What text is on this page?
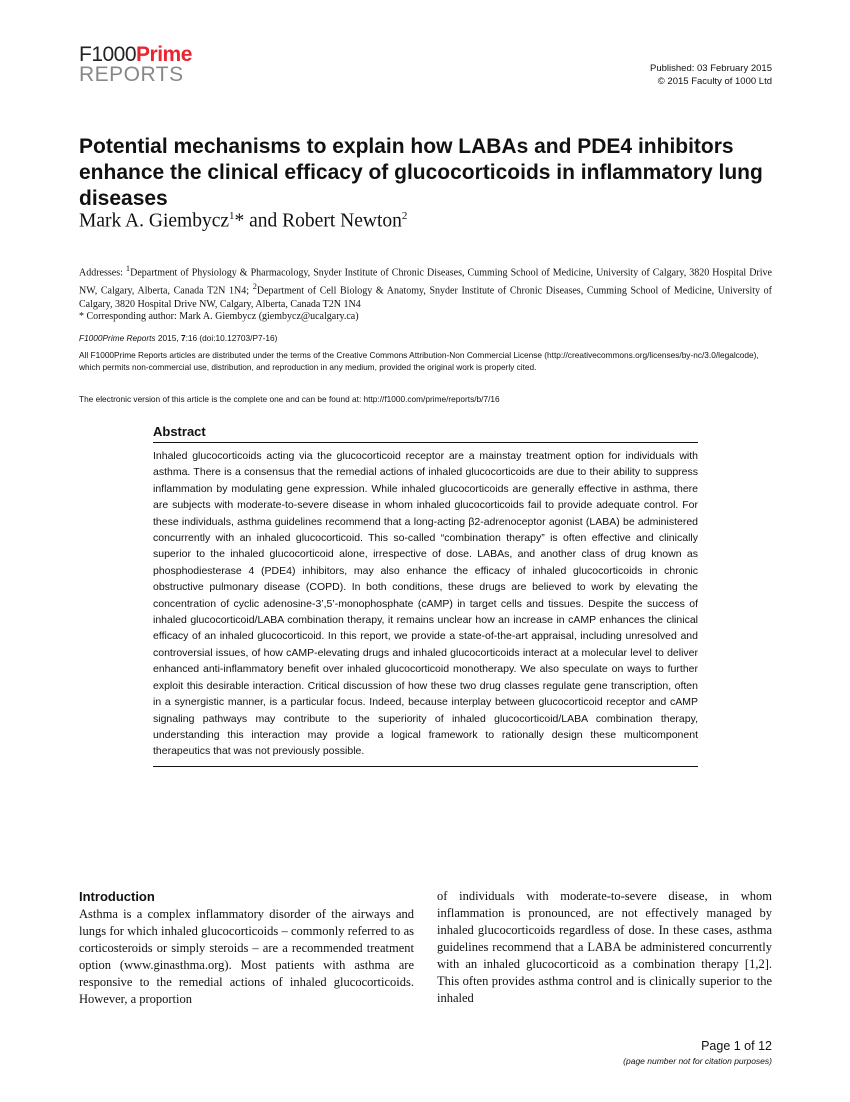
F1000Prime
REPORTS	Published: 03 February 2015
© 2015 Faculty of 1000 Ltd
Potential mechanisms to explain how LABAs and PDE4 inhibitors enhance the clinical efficacy of glucocorticoids in inflammatory lung diseases
Mark A. Giembycz$^1$* and Robert Newton$^2$
Addresses: $^1$Department of Physiology & Pharmacology, Snyder Institute of Chronic Diseases, Cumming School of Medicine, University of Calgary, 3820 Hospital Drive NW, Calgary, Alberta, Canada T2N 1N4; $^2$Department of Cell Biology & Anatomy, Snyder Institute of Chronic Diseases, Cumming School of Medicine, University of Calgary, 3820 Hospital Drive NW, Calgary, Alberta, Canada T2N 1N4
* Corresponding author: Mark A. Giembycz (giembycz@ucalgary.ca)
F1000Prime Reports 2015, 7:16 (doi:10.12703/P7-16)
All F1000Prime Reports articles are distributed under the terms of the Creative Commons Attribution-Non Commercial License (http://creativecommons.org/licenses/by-nc/3.0/legalcode), which permits non-commercial use, distribution, and reproduction in any medium, provided the original work is properly cited.
The electronic version of this article is the complete one and can be found at: http://f1000.com/prime/reports/b/7/16
Abstract

Inhaled glucocorticoids acting via the glucocorticoid receptor are a mainstay treatment option for individuals with asthma. There is a consensus that the remedial actions of inhaled glucocorticoids are due to their ability to suppress inflammation by modulating gene expression. While inhaled glucocorticoids are generally effective in asthma, there are subjects with moderate-to-severe disease in whom inhaled glucocorticoids fail to provide adequate control. For these individuals, asthma guidelines recommend that a long-acting β2-adrenoceptor agonist (LABA) be administered concurrently with an inhaled glucocorticoid. This so-called “combination therapy” is often effective and clinically superior to the inhaled glucocorticoid alone, irrespective of dose. LABAs, and another class of drug known as phosphodiesterase 4 (PDE4) inhibitors, may also enhance the efficacy of inhaled glucocorticoids in chronic obstructive pulmonary disease (COPD). In both conditions, these drugs are believed to work by elevating the concentration of cyclic adenosine-3’,5’-monophosphate (cAMP) in target cells and tissues. Despite the success of inhaled glucocorticoid/LABA combination therapy, it remains unclear how an increase in cAMP enhances the clinical efficacy of an inhaled glucocorticoid. In this report, we provide a state-of-the-art appraisal, including unresolved and controversial issues, of how cAMP-elevating drugs and inhaled glucocorticoids interact at a molecular level to deliver enhanced anti-inflammatory benefit over inhaled glucocorticoid monotherapy. We also speculate on ways to further exploit this desirable interaction. Critical discussion of how these two drug classes regulate gene transcription, often in a synergistic manner, is a particular focus. Indeed, because interplay between glucocorticoid receptor and cAMP signaling pathways may contribute to the superiority of inhaled glucocorticoid/LABA combination therapy, understanding this interaction may provide a logical framework to rationally design these multicomponent therapeutics that was not previously possible.

Introduction

Asthma is a complex inflammatory disorder of the airways and lungs for which inhaled glucocorticoids – commonly referred to as corticosteroids or simply steroids – are a recommended treatment option (www.ginasthma.org). Most patients with asthma are responsive to the remedial actions of inhaled glucocorticoids. However, a proportion

of individuals with moderate-to-severe disease, in whom inflammation is pronounced, are not effectively managed by inhaled glucocorticoids regardless of dose. In these cases, asthma guidelines recommend that a LABA be administered concurrently with an inhaled glucocorticoid as a combination therapy [1,2]. This often provides asthma control and is clinically superior to the inhaled

Page 1 of 12
(page number not for citation purposes)
